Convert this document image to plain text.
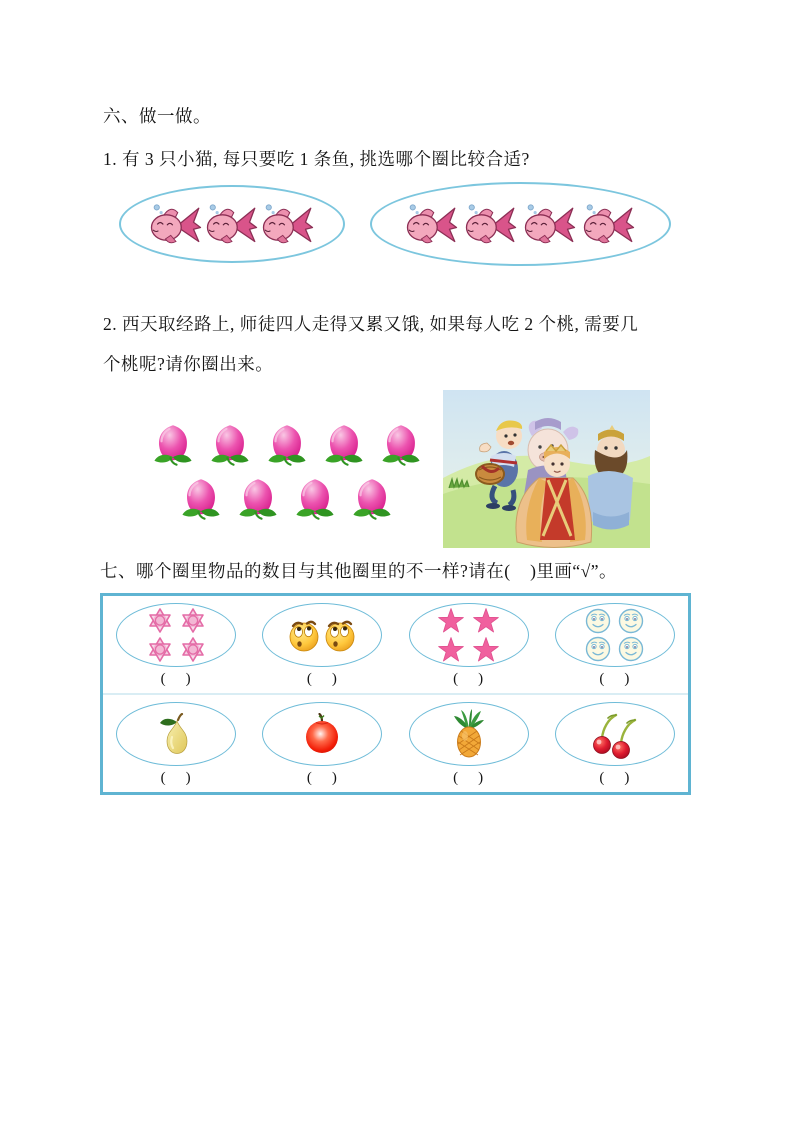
六、做一做。
1. 有 3 只小猫, 每只要吃 1 条鱼, 挑选哪个圈比较合适?
2. 西天取经路上, 师徒四人走得又累又饿, 如果每人吃 2 个桃, 需要几
个桃呢?请你圈出来。
七、哪个圈里物品的数目与其他圈里的不一样?请在(    )里画“√”。
(    )	(    )	(    )	(    )
(    )	(    )	(    )	(    )
